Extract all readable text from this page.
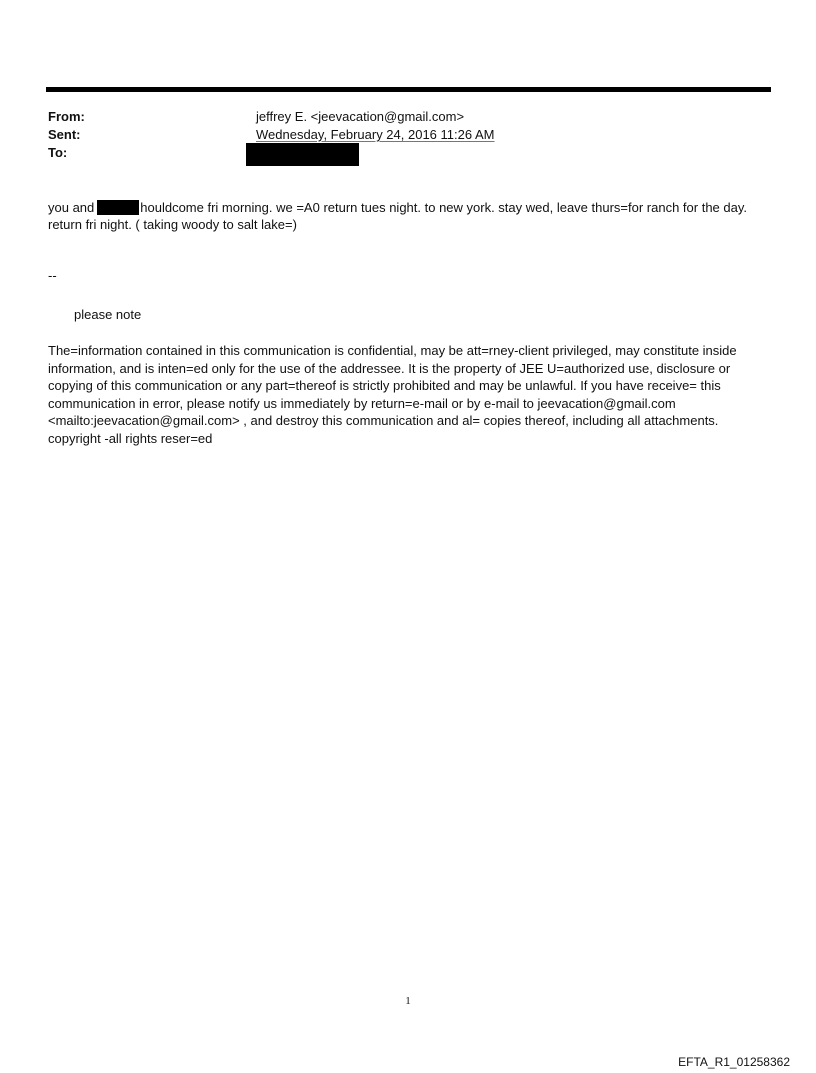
From:	jeffrey E. <jeevacation@gmail.com>
Sent:	Wednesday, February 24, 2016 11:26 AM
To:
you and	houldcome fri morning. we =A0 return tues night. to new york. stay wed, leave thurs=for ranch for the day. return fri night. ( taking woody to salt lake=)
--
please note
The=information contained in this communication is confidential, may be att=rney-client privileged, may constitute inside information, and is inten=ed only for the use of the addressee. It is the property of JEE U=authorized use, disclosure or copying of this communication or any part=thereof is strictly prohibited and may be unlawful. If you have receive= this communication in error, please notify us immediately by return=e-mail or by e-mail to jeevacation@gmail.com <mailto:jeevacation@gmail.com> , and destroy this communication and al= copies thereof, including all attachments. copyright -all rights reser=ed
1
EFTA_R1_01258362
